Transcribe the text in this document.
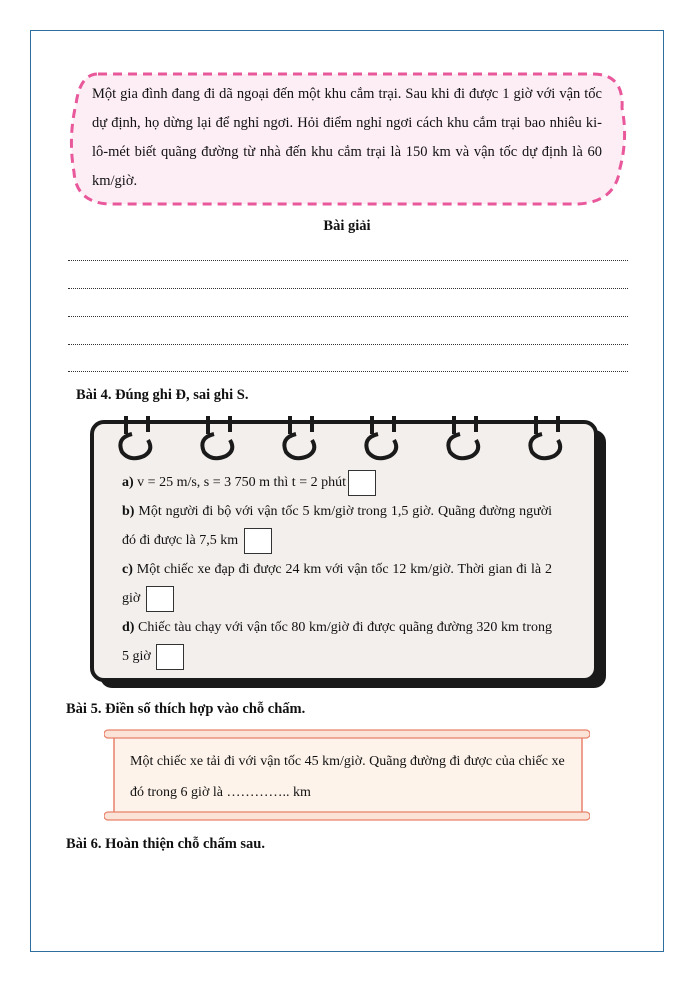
Một gia đình đang đi dã ngoại đến một khu cắm trại. Sau khi đi được 1 giờ với vận tốc dự định, họ dừng lại để nghỉ ngơi. Hỏi điểm nghỉ ngơi cách khu cắm trại bao nhiêu ki-lô-mét biết quãng đường từ nhà đến khu cắm trại là 150 km và vận tốc dự định là 60 km/giờ.
Bài giải
Bài 4. Đúng ghi Đ, sai ghi S.

a) v = 25 m/s, s = 3 750 m thì t = 2 phút

b) Một người đi bộ với vận tốc 5 km/giờ trong 1,5 giờ. Quãng đường người đó đi được là 7,5 km

c) Một chiếc xe đạp đi được 24 km với vận tốc 12 km/giờ. Thời gian đi là 2 giờ

d) Chiếc tàu chạy với vận tốc 80 km/giờ đi được quãng đường 320 km trong 5 giờ

Bài 5. Điền số thích hợp vào chỗ chấm.
Một chiếc xe tải đi với vận tốc 45 km/giờ. Quãng đường đi được của chiếc xe đó trong 6 giờ là ………….. km
Bài 6. Hoàn thiện chỗ chấm sau.
